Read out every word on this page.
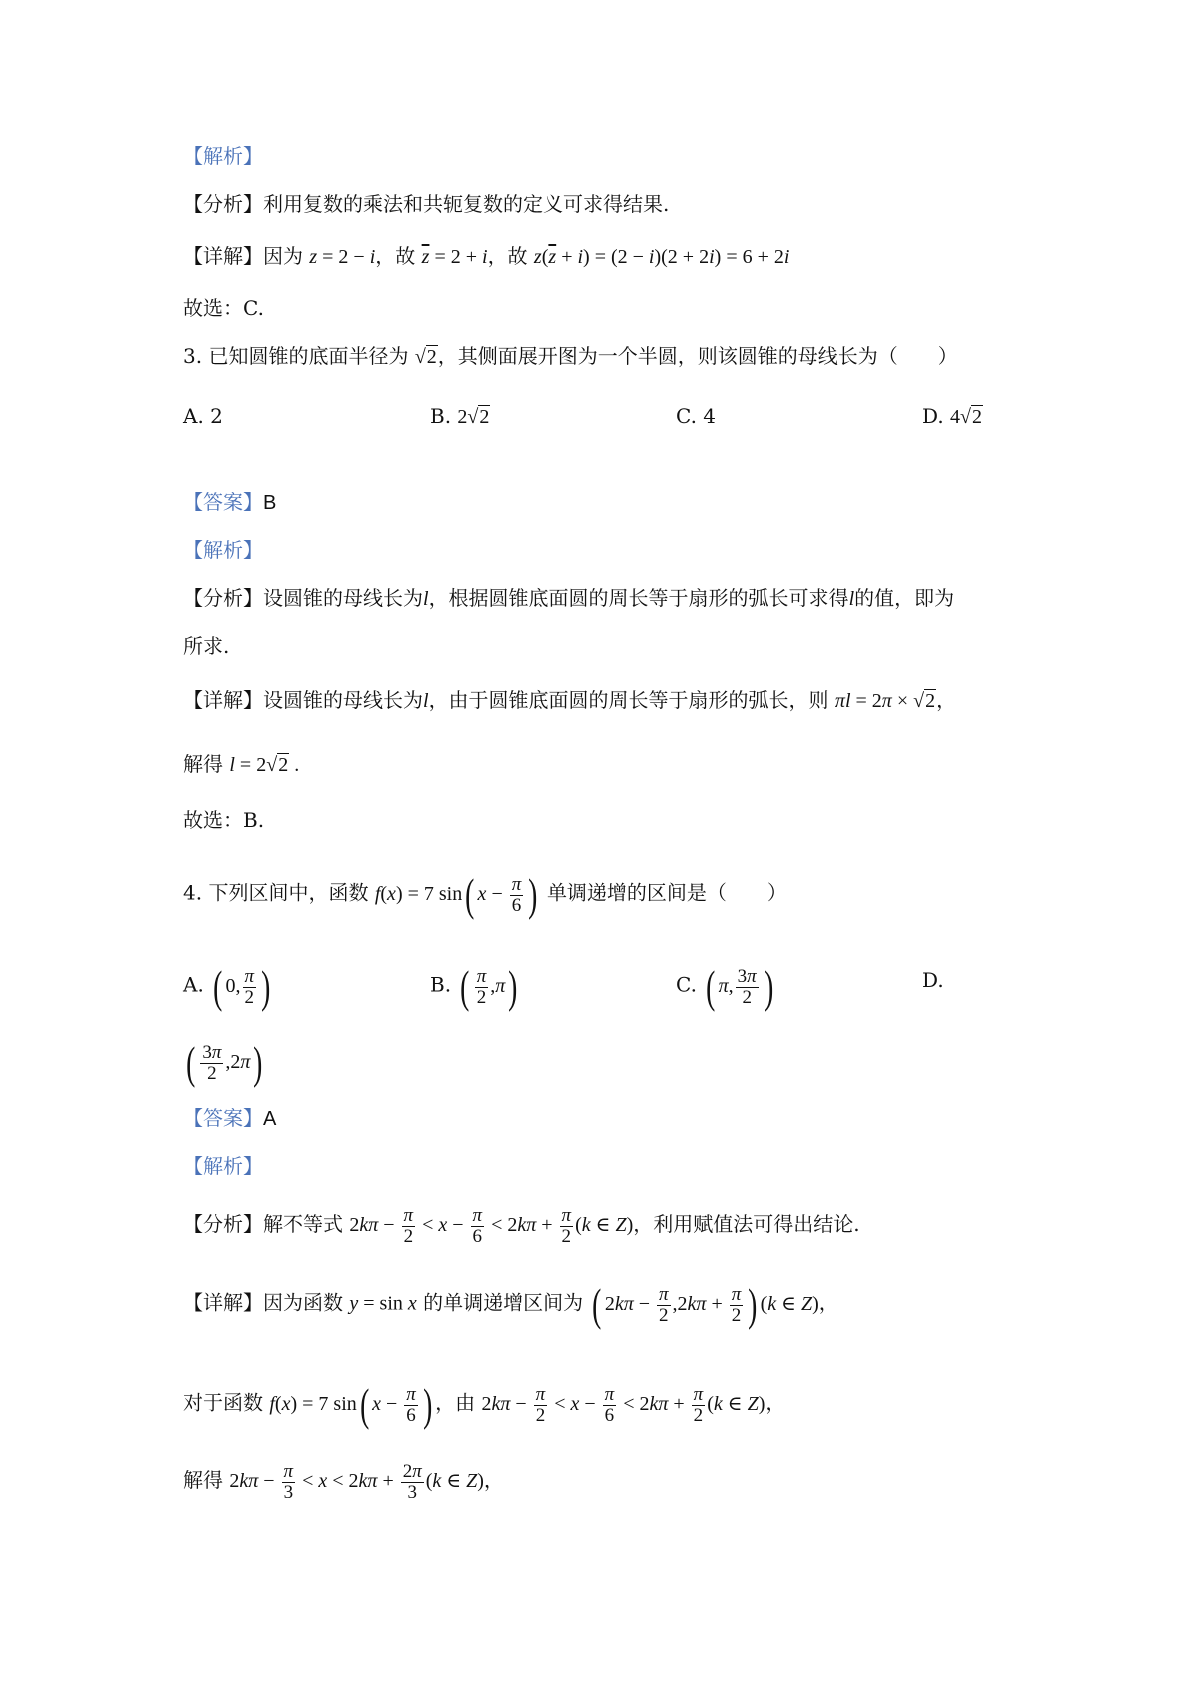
【解析】
【分析】利用复数的乘法和共轭复数的定义可求得结果.
【详解】因为 z = 2 − i，故 $\overline{z} = 2 + i$，故 $z(\overline{z} + i) = (2 - i)(2 + 2i) = 6 + 2i$
故选：C.
3. 已知圆锥的底面半径为 √2，其侧面展开图为一个半圆，则该圆锥的母线长为（　　）
A. 2	B. 2√2	C. 4	D. 4√2
【答案】B
【解析】
【分析】设圆锥的母线长为l，根据圆锥底面圆的周长等于扇形的弧长可求得l的值，即为
所求.
【详解】设圆锥的母线长为l，由于圆锥底面圆的周长等于扇形的弧长，则 πl = 2π × √2，
解得 l = 2√2 .
故选：B.
4. 下列区间中，函数 f(x) = 7 sin( $x - \frac{\pi}{6}$ ) 单调递增的区间是（　　）
A. ( 0, $\frac{\pi}{2}$ )	B. ( $\frac{\pi}{2} ,\pi$)	C. ( π, $\frac{3\pi}{2}$ )	D.
( $\frac{3\pi}{2} ,2\pi$)
【答案】A
【解析】
【分析】解不等式 $2k\pi - \frac{\pi}{2} < x - \frac{\pi}{6} < 2k\pi + \frac{\pi}{2} (k$ ∈ Z)，利用赋值法可得出结论.
【详解】因为函数 y = sin x 的单调递增区间为 ( $2k\pi - \frac{\pi}{2} ,2k\pi + \frac{\pi}{2}$ ) (k ∈ Z)，
对于函数 f(x) = 7 sin( $x - \frac{\pi}{6}$ ) ，由 $2k\pi - \frac{\pi}{2} < x - \frac{\pi}{6} < 2k\pi + \frac{\pi}{2} (k$ ∈ Z)，
解得 $2k\pi - \frac{\pi}{3} < x < 2k\pi + \frac{2\pi}{3} (k$ ∈ Z)，
